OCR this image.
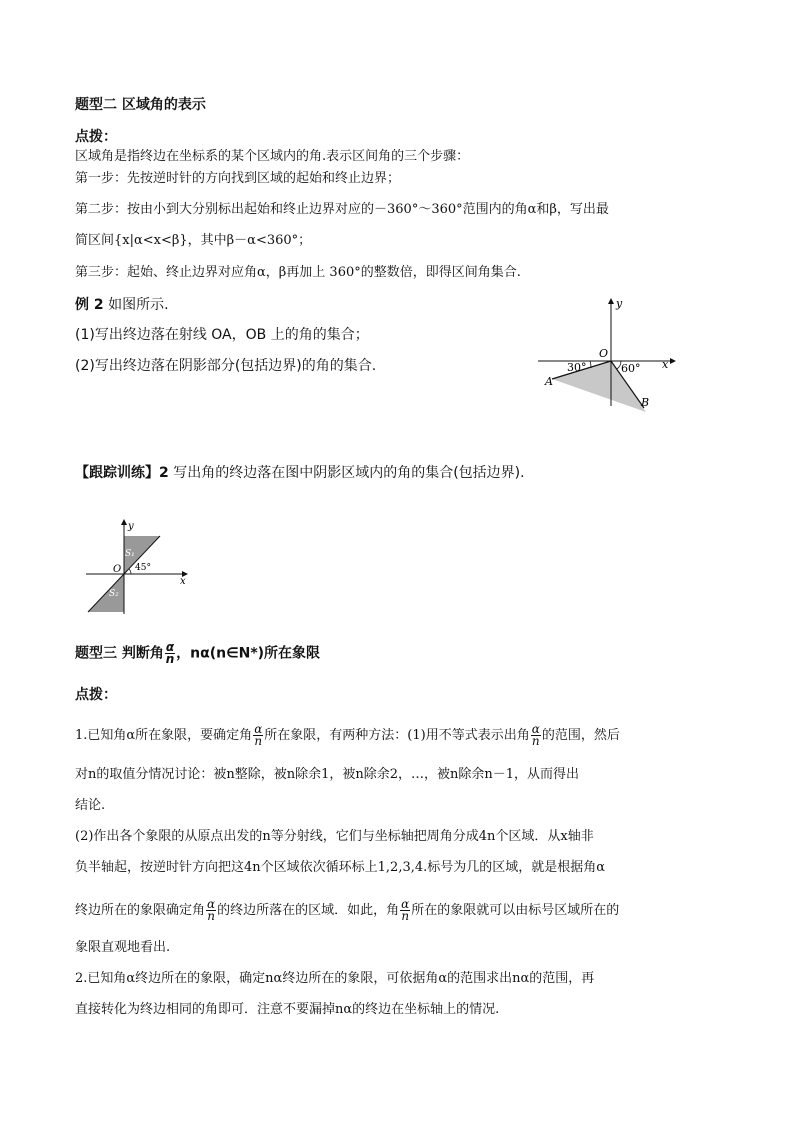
题型二 区域角的表示
点拨：
区域角是指终边在坐标系的某个区域内的角.表示区间角的三个步骤：
第一步：先按逆时针的方向找到区域的起始和终止边界；
第二步：按由小到大分别标出起始和终止边界对应的－360°～360°范围内的角α和β，写出最
简区间{x|α<x<β}，其中β－α<360°；
第三步：起始、终止边界对应角α，β再加上 360°的整数倍，即得区间角集合.
例 2 如图所示.
(1)写出终边落在射线 OA，OB 上的角的集合；
(2)写出终边落在阴影部分(包括边界)的角的集合.
y
x
O
30°	60°
A
B
【跟踪训练】2 写出角的终边落在图中阴影区域内的角的集合(包括边界).
y
x
O
S₁
S₂
45°
题型三 判断角 $\frac{\alpha}{n}$ ，nα(n∈N*)所在象限
点拨：
1.已知角α所在象限，要确定角 $\frac{\alpha}{n}$ 所在象限，有两种方法：(1)用不等式表示出角 $\frac{\alpha}{n}$ 的范围，然后
对n的取值分情况讨论：被n整除，被n除余1，被n除余2，…，被n除余n－1，从而得出
结论.
(2)作出各个象限的从原点出发的n等分射线，它们与坐标轴把周角分成4n个区域．从x轴非
负半轴起，按逆时针方向把这4n个区域依次循环标上1,2,3,4.标号为几的区域，就是根据角α
终边所在的象限确定角 $\frac{\alpha}{n}$ 的终边所落在的区域．如此，角 $\frac{\alpha}{n}$ 所在的象限就可以由标号区域所在的
象限直观地看出.
2.已知角α终边所在的象限，确定nα终边所在的象限，可依据角α的范围求出nα的范围，再
直接转化为终边相同的角即可．注意不要漏掉nα的终边在坐标轴上的情况.
